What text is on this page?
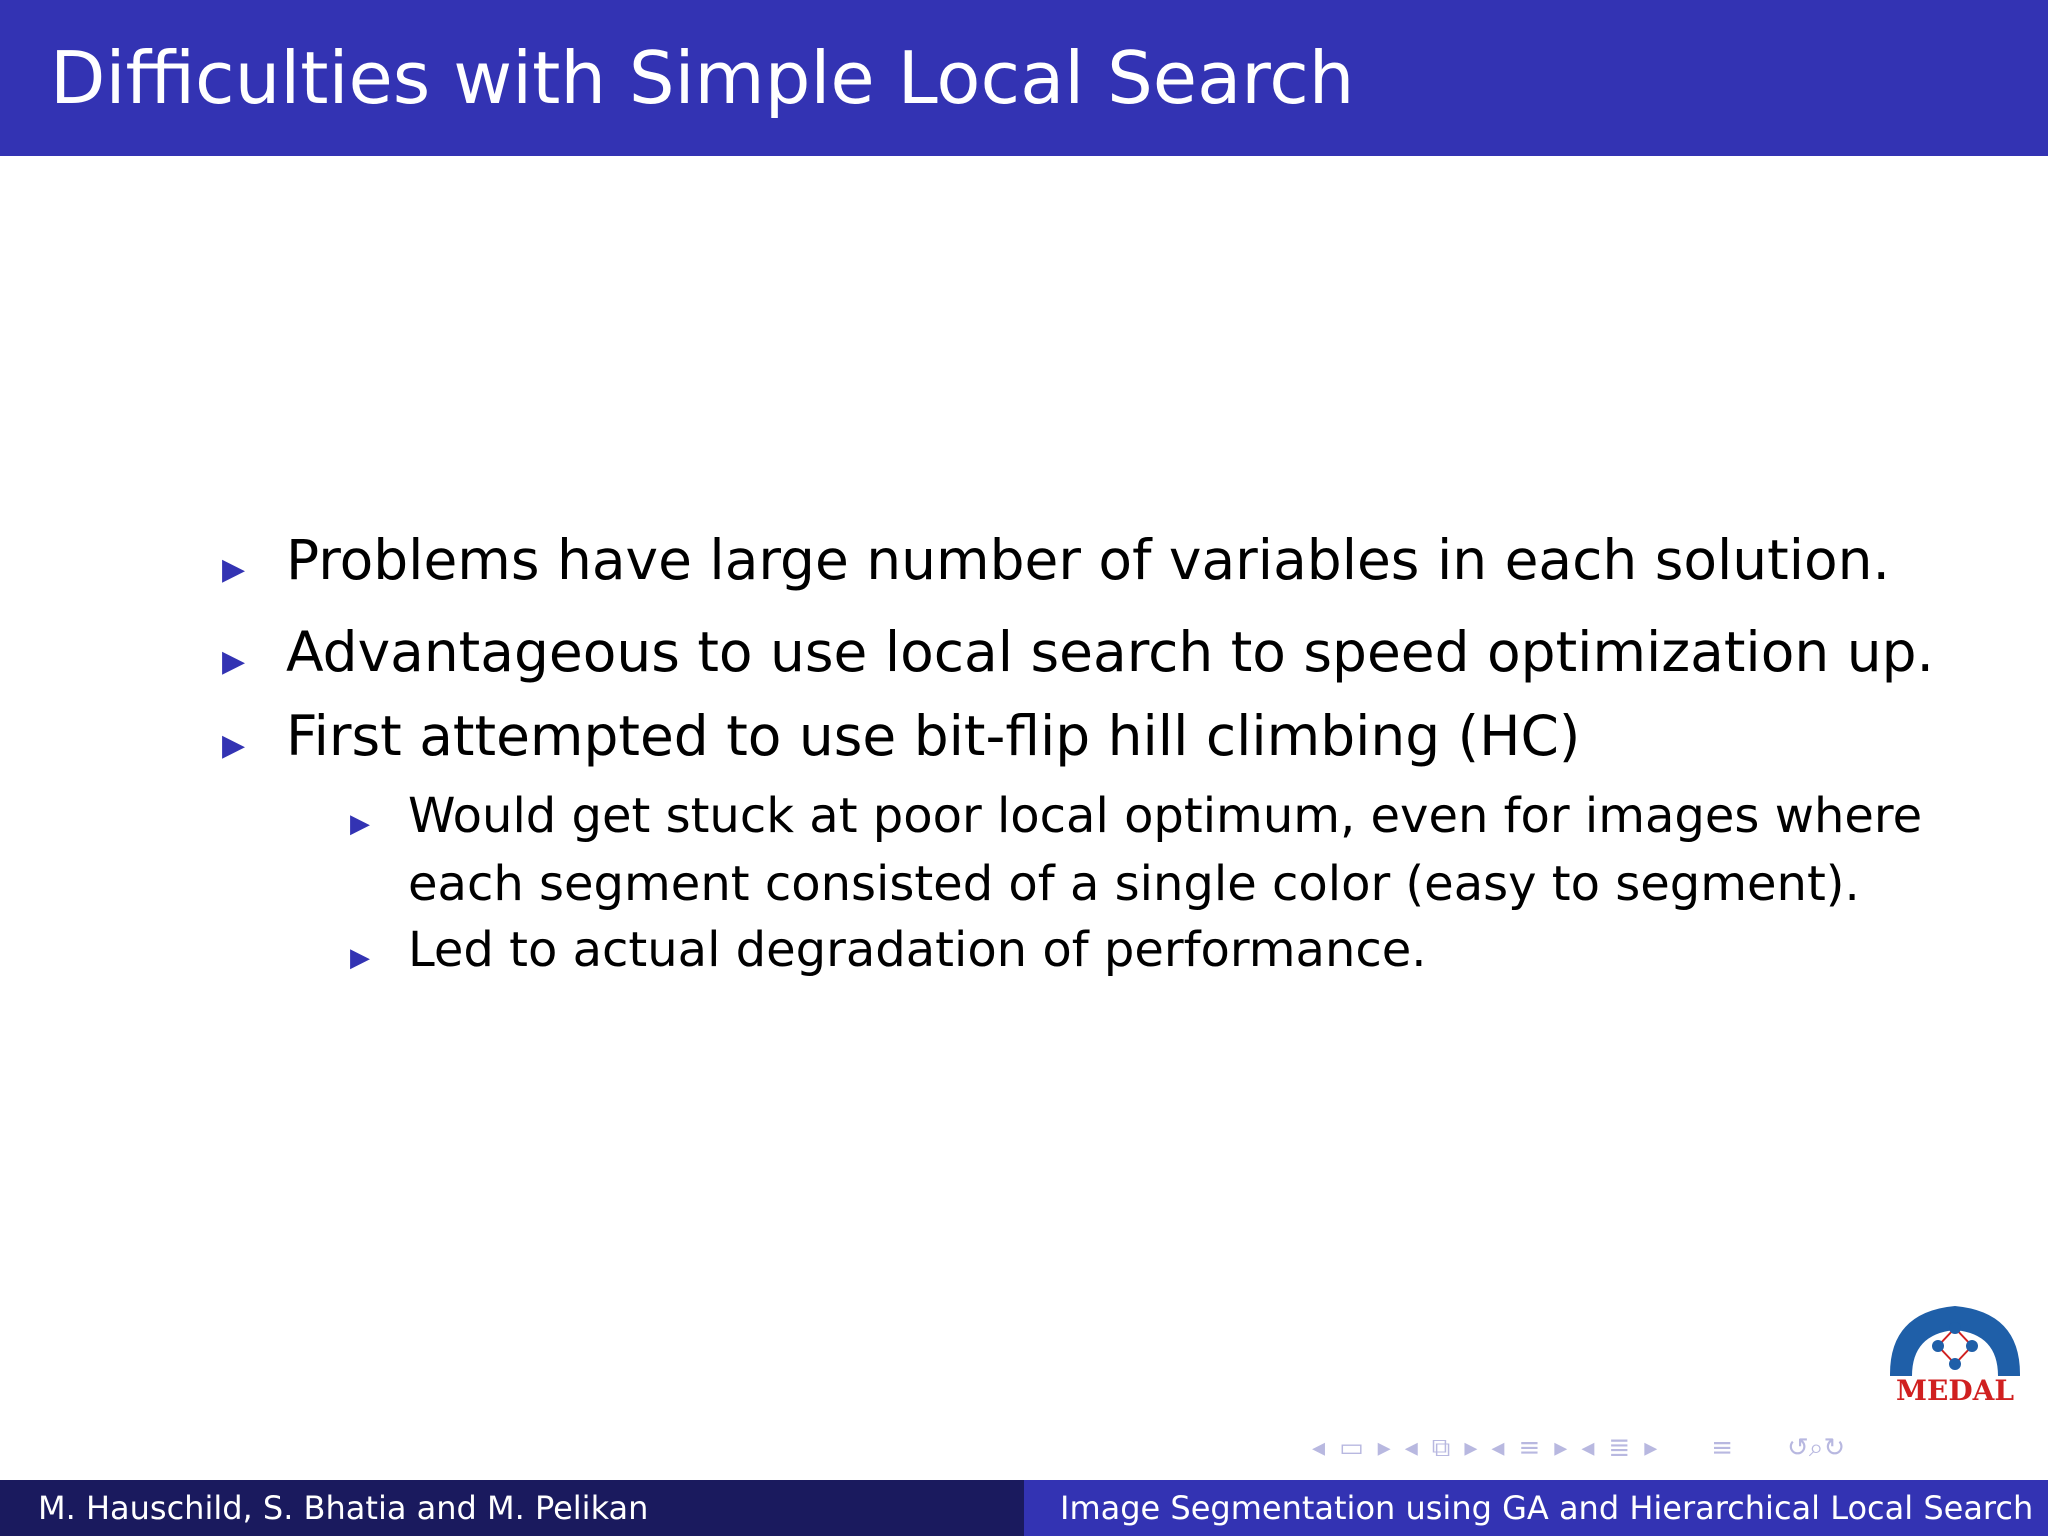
Difficulties with Simple Local Search
▶ Problems have large number of variables in each solution.
▶ Advantageous to use local search to speed optimization up.
▶ First attempted to use bit-flip hill climbing (HC)
▶ Would get stuck at poor local optimum, even for images where
each segment consisted of a single color (easy to segment).
▶ Led to actual degradation of performance.
MEDAL
◂ ▭ ▸ ◂ ⧉ ▸ ◂ ≡ ▸ ◂ ≣ ▸ ≡ ↺⌕↻
M. Hauschild, S. Bhatia and M. Pelikan	Image Segmentation using GA and Hierarchical Local Search
